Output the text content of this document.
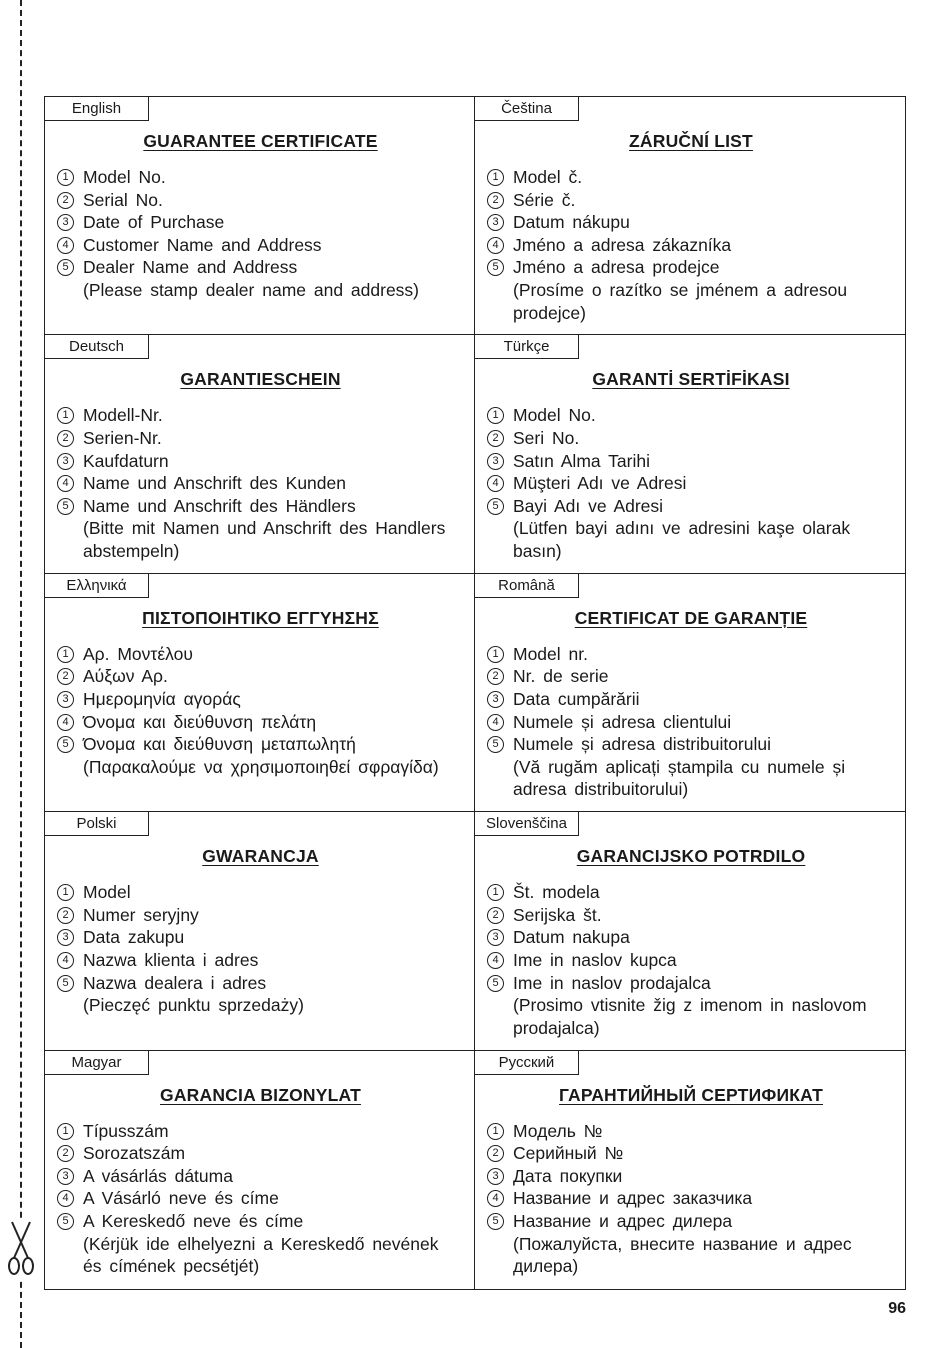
English
GUARANTEE CERTIFICATE
1 Model No.
2 Serial No.
3 Date of Purchase
4 Customer Name and Address
5 Dealer Name and Address
(Please stamp dealer name and address)
Čeština
ZÁRUČNÍ LIST
1 Model č.
2 Série č.
3 Datum nákupu
4 Jméno a adresa zákazníka
5 Jméno a adresa prodejce
(Prosíme o razítko se jménem a adresou prodejce)
Deutsch
GARANTIESCHEIN
1 Modell-Nr.
2 Serien-Nr.
3 Kaufdaturn
4 Name und Anschrift des Kunden
5 Name und Anschrift des Händlers
(Bitte mit Namen und Anschrift des Handlers abstempeln)
Türkçe
GARANTİ SERTİFİKASI
1 Model No.
2 Seri No.
3 Satın Alma Tarihi
4 Müşteri Adı ve Adresi
5 Bayi Adı ve Adresi
(Lütfen bayi adını ve adresini kaşe olarak basın)
Ελληνικά
ΠΙΣΤΟΠΟΙΗΤΙΚΟ ΕΓΓΥΗΣΗΣ
1 Αρ. Μοντέλου
2 Αύξων Αρ.
3 Ημερομηνία αγοράς
4 Όνομα και διεύθυνση πελάτη
5 Όνομα και διεύθυνση μεταπωλητή
(Παρακαλούμε να χρησιμοποιηθεί σφραγίδα)
Română
CERTIFICAT DE GARANȚIE
1 Model nr.
2 Nr. de serie
3 Data cumpărării
4 Numele și adresa clientului
5 Numele și adresa distribuitorului
(Vă rugăm aplicați ștampila cu numele și adresa distribuitorului)
Polski
GWARANCJA
1 Model
2 Numer seryjny
3 Data zakupu
4 Nazwa klienta i adres
5 Nazwa dealera i adres
(Pieczęć punktu sprzedaży)
Slovenščina
GARANCIJSKO POTRDILO
1 Št. modela
2 Serijska št.
3 Datum nakupa
4 Ime in naslov kupca
5 Ime in naslov prodajalca
(Prosimo vtisnite žig z imenom in naslovom prodajalca)
Magyar
GARANCIA BIZONYLAT
1 Típusszám
2 Sorozatszám
3 A vásárlás dátuma
4 A Vásárló neve és címe
5 A Kereskedő neve és címe
(Kérjük ide elhelyezni a Kereskedő nevének és címének pecsétjét)
Русский
ГАРАНТИЙНЫЙ СЕРТИФИКАТ
1 Модель №
2 Серийный №
3 Дата покупки
4 Название и адрес заказчика
5 Название и адрес дилера
(Пожалуйста, внесите название и адрес дилера)
96
